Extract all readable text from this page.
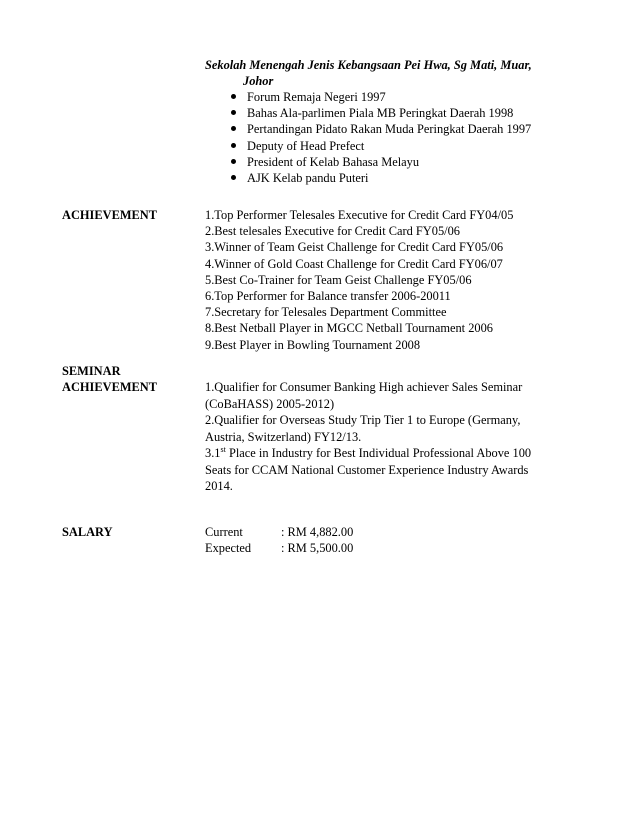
Sekolah Menengah Jenis Kebangsaan Pei Hwa, Sg Mati, Muar,
Johor
Forum Remaja Negeri 1997
Bahas Ala-parlimen Piala MB Peringkat Daerah 1998
Pertandingan Pidato Rakan Muda Peringkat Daerah 1997
Deputy of Head Prefect
President of Kelab Bahasa Melayu
AJK Kelab pandu Puteri
ACHIEVEMENT	1.Top Performer Telesales Executive for Credit Card FY04/05
2.Best telesales Executive for Credit Card FY05/06
3.Winner of Team Geist Challenge for Credit Card FY05/06
4.Winner of Gold Coast Challenge for Credit Card FY06/07
5.Best Co-Trainer for Team Geist Challenge FY05/06
6.Top Performer for Balance transfer 2006-20011
7.Secretary for Telesales Department Committee
8.Best Netball Player in MGCC Netball Tournament 2006
9.Best Player in Bowling Tournament 2008
SEMINAR
ACHIEVEMENT	1.Qualifier for Consumer Banking High achiever Sales Seminar (CoBaHASS) 2005-2012)
2.Qualifier for Overseas Study Trip Tier 1 to Europe (Germany, Austria, Switzerland) FY12/13.
3.1st Place in Industry for Best Individual Professional Above 100 Seats for CCAM National Customer Experience Industry Awards 2014.
SALARY	Current	: RM 4,882.00
Expected : RM 5,500.00
